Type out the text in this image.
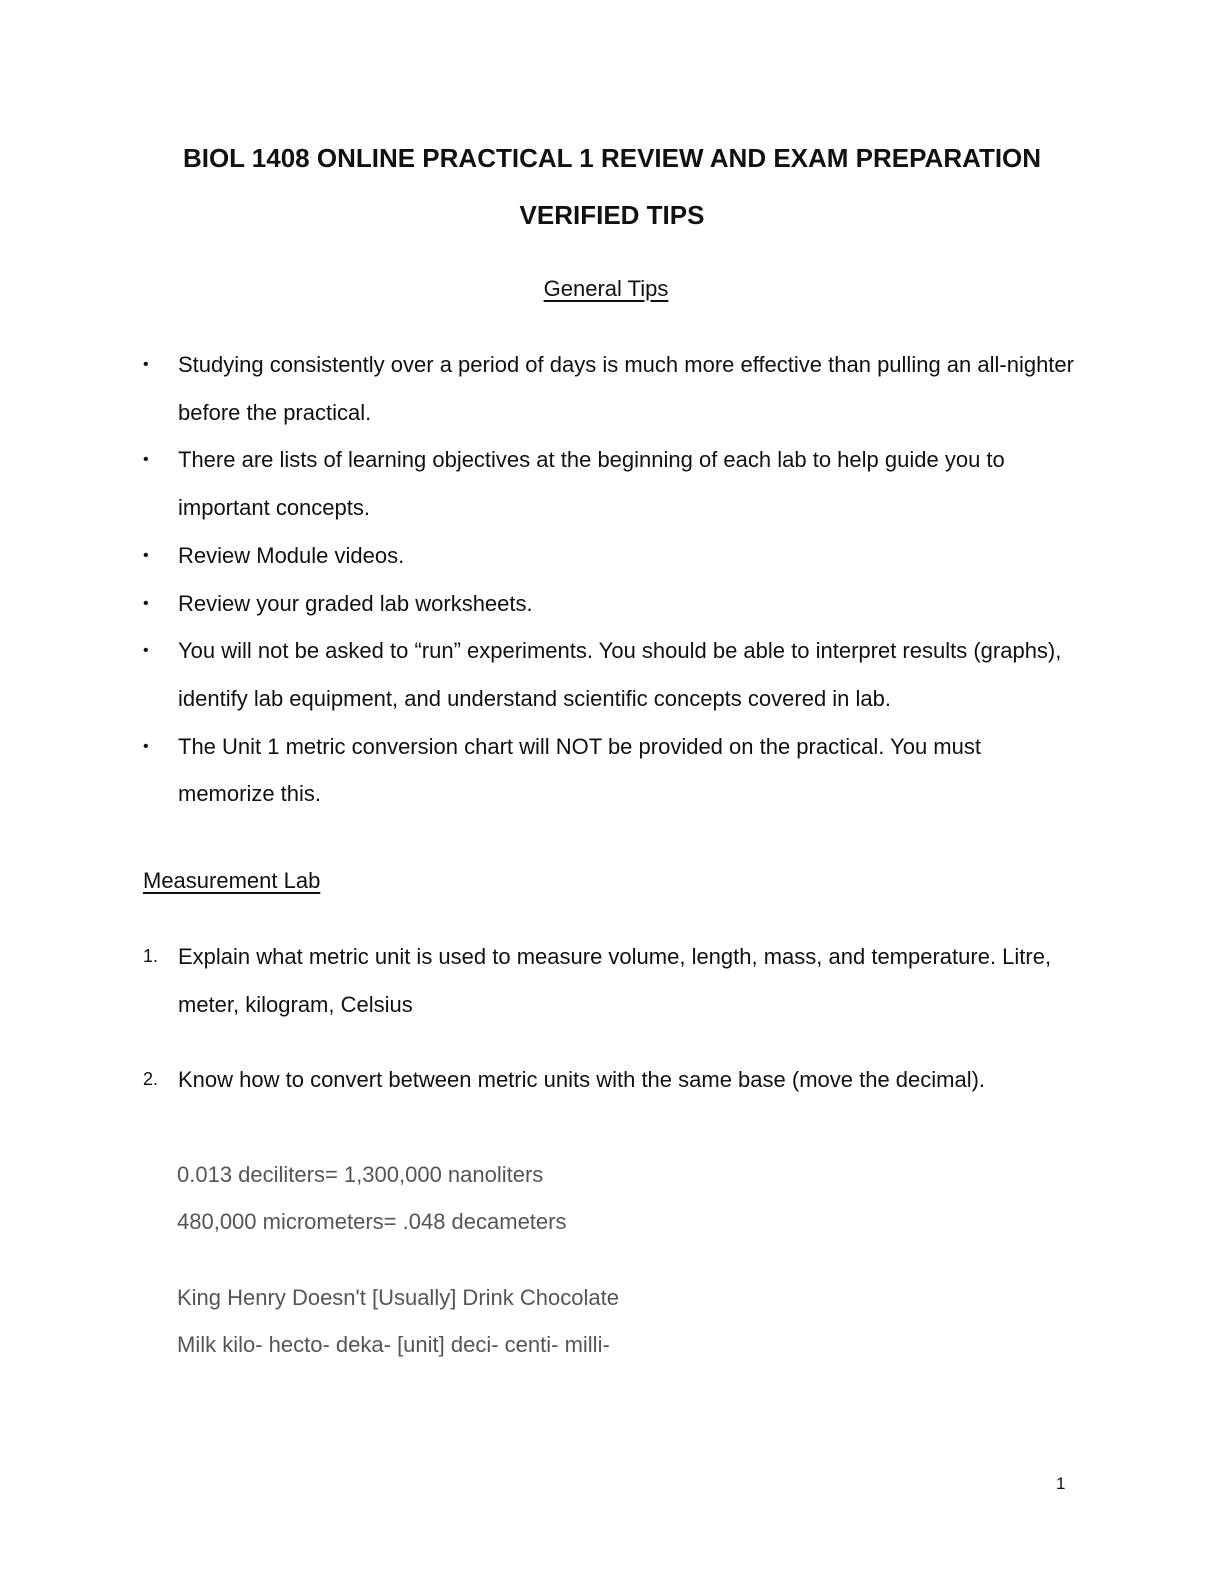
BIOL 1408 ONLINE PRACTICAL 1 REVIEW AND EXAM PREPARATION
VERIFIED TIPS
General Tips
• Studying consistently over a period of days is much more effective than pulling an all-nighter before the practical.
• There are lists of learning objectives at the beginning of each lab to help guide you to important concepts.
• Review Module videos.
• Review your graded lab worksheets.
• You will not be asked to “run” experiments. You should be able to interpret results (graphs), identify lab equipment, and understand scientific concepts covered in lab.
• The Unit 1 metric conversion chart will NOT be provided on the practical. You must memorize this.
Measurement Lab
1. Explain what metric unit is used to measure volume, length, mass, and temperature. Litre, meter, kilogram, Celsius
2. Know how to convert between metric units with the same base (move the decimal).
0.013 deciliters= 1,300,000 nanoliters
480,000 micrometers= .048 decameters
King Henry Doesn't [Usually] Drink Chocolate
Milk kilo- hecto- deka- [unit] deci- centi- milli-
1
